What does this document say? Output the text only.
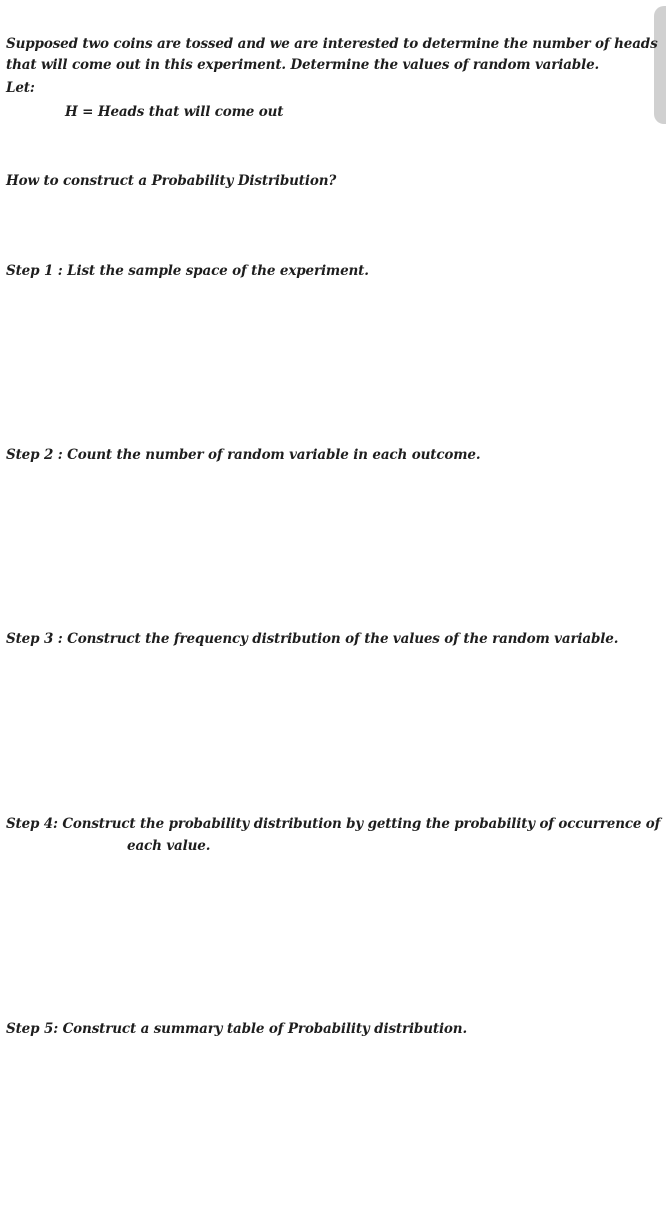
Supposed two coins are tossed and we are interested to determine the number of heads
that will come out in this experiment. Determine the values of random variable.
Let:
H = Heads that will come out
How to construct a Probability Distribution?
Step 1 : List the sample space of the experiment.
Step 2 : Count the number of random variable in each outcome.
Step 3 : Construct the frequency distribution of the values of the random variable.
Step 4: Construct the probability distribution by getting the probability of occurrence of
each value.
Step 5: Construct a summary table of Probability distribution.
